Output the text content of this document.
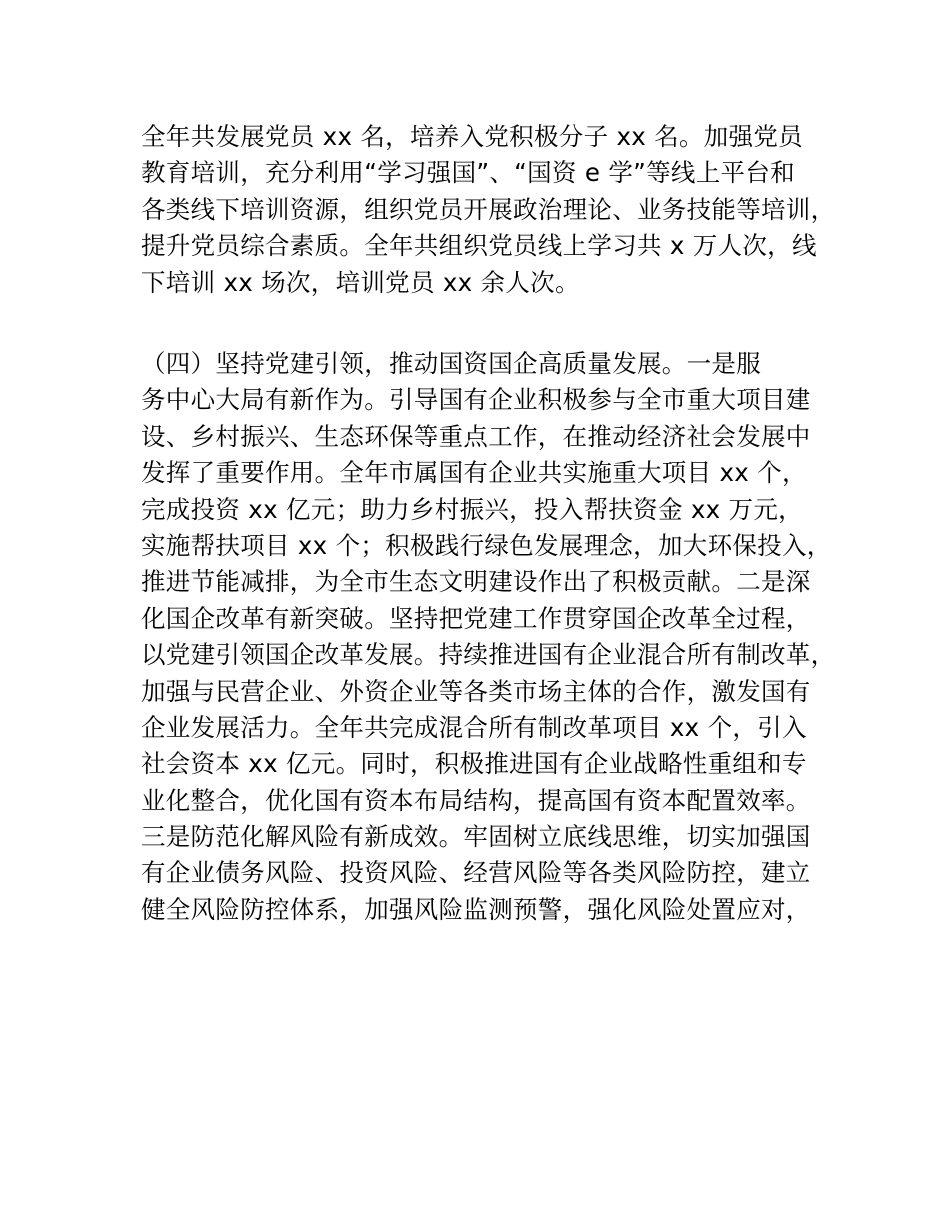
全年共发展党员 xx 名，培养入党积极分子 xx 名。加强党员
教育培训，充分利用“学习强国”、“国资 e 学”等线上平台和
各类线下培训资源，组织党员开展政治理论、业务技能等培训，
提升党员综合素质。全年共组织党员线上学习共 x 万人次，线
下培训 xx 场次，培训党员 xx 余人次。
（四）坚持党建引领，推动国资国企高质量发展。一是服
务中心大局有新作为。引导国有企业积极参与全市重大项目建
设、乡村振兴、生态环保等重点工作，在推动经济社会发展中
发挥了重要作用。全年市属国有企业共实施重大项目 xx 个，
完成投资 xx 亿元；助力乡村振兴，投入帮扶资金 xx 万元，
实施帮扶项目 xx 个；积极践行绿色发展理念，加大环保投入，
推进节能减排，为全市生态文明建设作出了积极贡献。二是深
化国企改革有新突破。坚持把党建工作贯穿国企改革全过程，
以党建引领国企改革发展。持续推进国有企业混合所有制改革，
加强与民营企业、外资企业等各类市场主体的合作，激发国有
企业发展活力。全年共完成混合所有制改革项目 xx 个，引入
社会资本 xx 亿元。同时，积极推进国有企业战略性重组和专
业化整合，优化国有资本布局结构，提高国有资本配置效率。
三是防范化解风险有新成效。牢固树立底线思维，切实加强国
有企业债务风险、投资风险、经营风险等各类风险防控，建立
健全风险防控体系，加强风险监测预警，强化风险处置应对，
